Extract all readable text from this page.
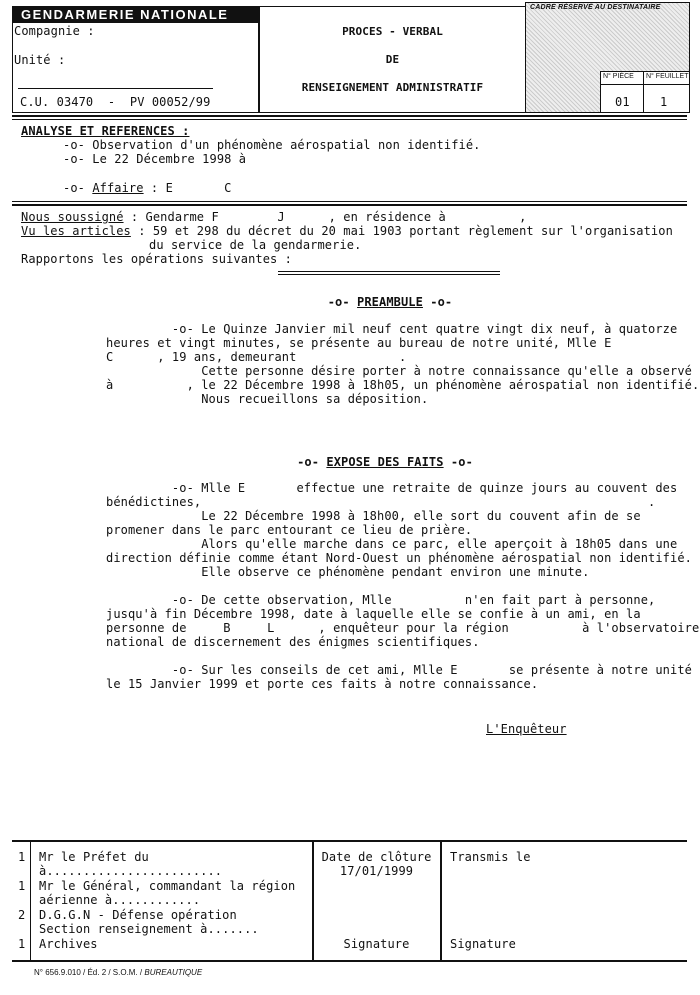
GENDARMERIE NATIONALE
Compagnie :
Unité :
C.U. 03470  -  PV 00052/99
PROCES - VERBAL
DE
RENSEIGNEMENT ADMINISTRATIF
CADRE RÉSERVÉ AU DESTINATAIRE
N° PIÈCE N° FEUILLET
01	1
ANALYSE ET REFERENCES :
-o- Observation d'un phénomène aérospatial non identifié.
-o- Le 22 Décembre 1998 à
-o- Affaire : E       C
Nous soussigné : Gendarme F        J      , en résidence à          ,
Vu les articles : 59 et 298 du décret du 20 mai 1903 portant règlement sur l'organisation
du service de la gendarmerie.
Rapportons les opérations suivantes :
-o- PREAMBULE -o-
-o- Le Quinze Janvier mil neuf cent quatre vingt dix neuf, à quatorze
heures et vingt minutes, se présente au bureau de notre unité, Mlle E
C      , 19 ans, demeurant              .
Cette personne désire porter à notre connaissance qu'elle a observé
à          , le 22 Décembre 1998 à 18h05, un phénomène aérospatial non identifié.
Nous recueillons sa déposition.
-o- EXPOSE DES FAITS -o-
-o- Mlle E       effectue une retraite de quinze jours au couvent des
bénédictines,                                                             .
Le 22 Décembre 1998 à 18h00, elle sort du couvent afin de se
promener dans le parc entourant ce lieu de prière.
Alors qu'elle marche dans ce parc, elle aperçoit à 18h05 dans une
direction définie comme étant Nord-Ouest un phénomène aérospatial non identifié.
Elle observe ce phénomène pendant environ une minute.
-o- De cette observation, Mlle          n'en fait part à personne,
jusqu'à fin Décembre 1998, date à laquelle elle se confie à un ami, en la
personne de     B     L      , enquêteur pour la région          à l'observatoire
national de discernement des énigmes scientifiques.
-o- Sur les conseils de cet ami, Mlle E       se présente à notre unité
le 15 Janvier 1999 et porte ces faits à notre connaissance.
L'Enquêteur
1 Mr le Préfet du
à........................
1 Mr le Général, commandant la région
aérienne à............
2 D.G.G.N - Défense opération
Section renseignement à.......
1 Archives
Date de clôture
17/01/1999
Signature
Transmis le
Signature
N° 656.9.010 / Éd. 2 / S.O.M. / BUREAUTIQUE
